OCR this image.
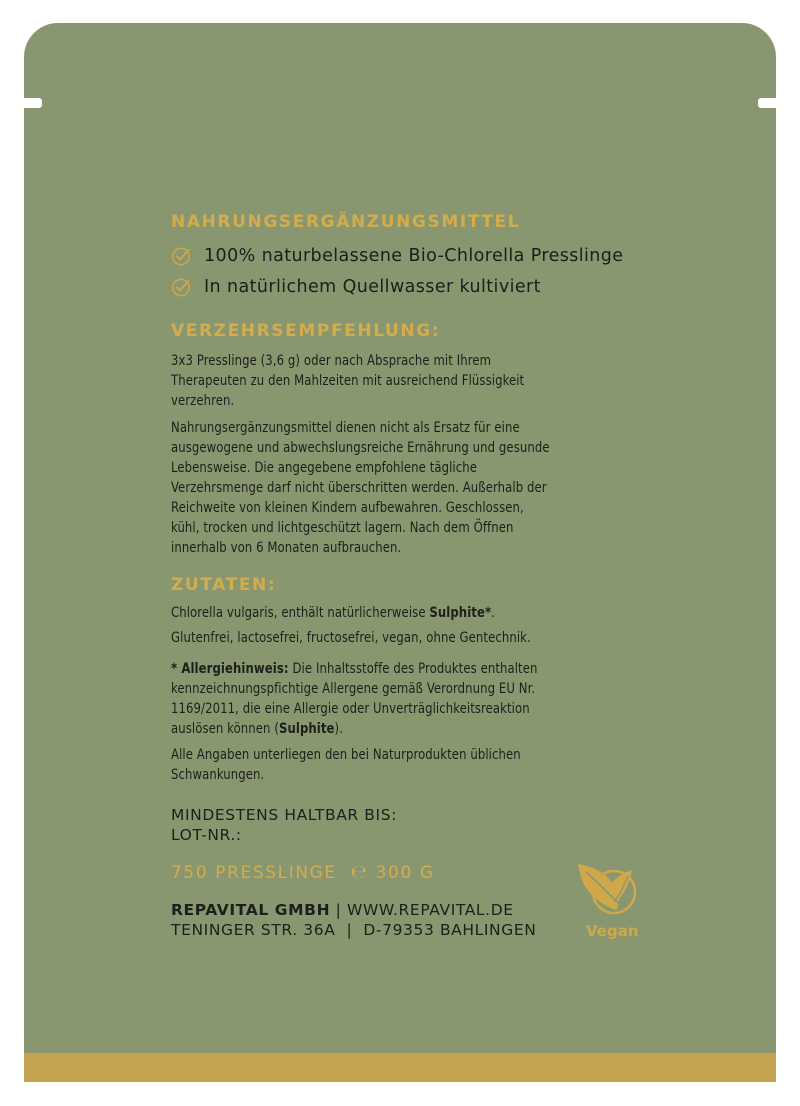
NAHRUNGSERGÄNZUNGSMITTEL
100% naturbelassene Bio-Chlorella Presslinge
In natürlichem Quellwasser kultiviert
VERZEHRSEMPFEHLUNG:

3x3 Presslinge (3,6 g) oder nach Absprache mit Ihrem

Therapeuten zu den Mahlzeiten mit ausreichend Flüssigkeit

verzehren.

Nahrungsergänzungsmittel dienen nicht als Ersatz für eine

ausgewogene und abwechslungsreiche Ernährung und gesunde

Lebensweise. Die angegebene empfohlene tägliche

Verzehrsmenge darf nicht überschritten werden. Außerhalb der

Reichweite von kleinen Kindern aufbewahren. Geschlossen,

kühl, trocken und lichtgeschützt lagern. Nach dem Öffnen

innerhalb von 6 Monaten aufbrauchen.

ZUTATEN:

Chlorella vulgaris, enthält natürlicherweise Sulphite*.

Glutenfrei, lactosefrei, fructosefrei, vegan, ohne Gentechnik.

* Allergiehinweis: Die Inhaltsstoffe des Produktes enthalten

kennzeichnungspfichtige Allergene gemäß Verordnung EU Nr.

1169/2011, die eine Allergie oder Unverträglichkeitsreaktion

auslösen können (Sulphite).

Alle Angaben unterliegen den bei Naturprodukten üblichen

Schwankungen.

MINDESTENS HALTBAR BIS:

LOT-NR.:

750 PRESSLINGE ℮ 300 G

REPAVITAL GMBH | WWW.REPAVITAL.DE

TENINGER STR. 36A | D-79353 BAHLINGEN	Vegan
